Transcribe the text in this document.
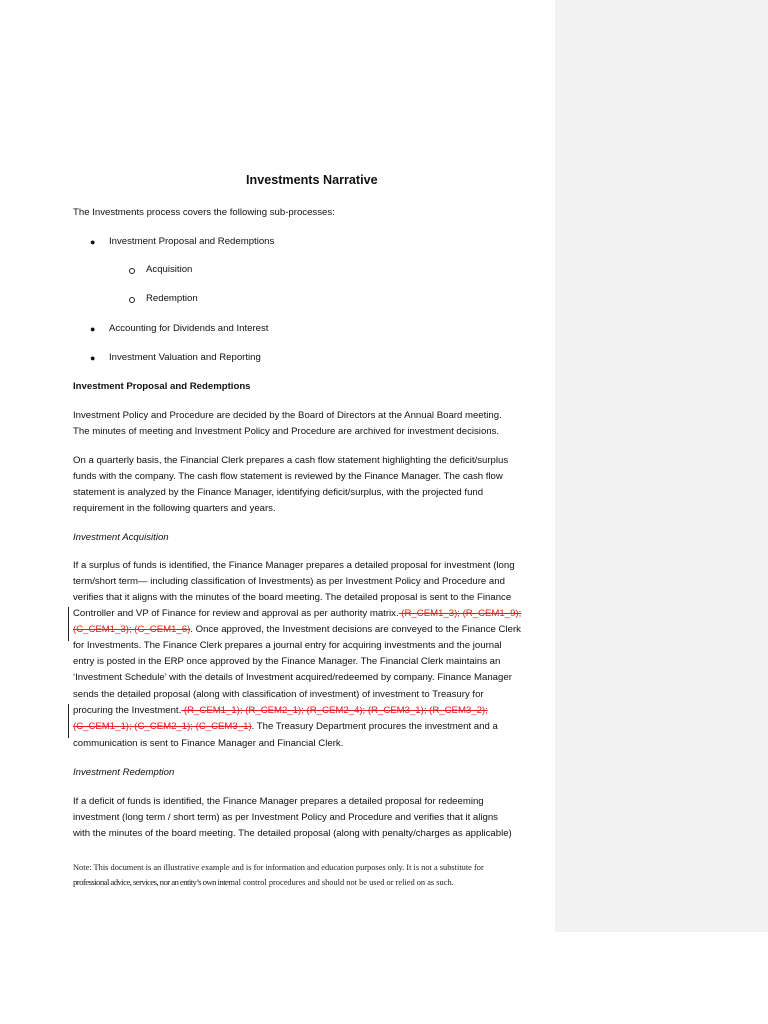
Investments Narrative
The Investments process covers the following sub-processes:
● Investment Proposal and Redemptions
Acquisition
Redemption
● Accounting for Dividends and Interest
● Investment Valuation and Reporting
Investment Proposal and Redemptions
Investment Policy and Procedure are decided by the Board of Directors at the Annual Board meeting.
The minutes of meeting and Investment Policy and Procedure are archived for investment decisions.
On a quarterly basis, the Financial Clerk prepares a cash flow statement highlighting the deficit/surplus
funds with the company. The cash flow statement is reviewed by the Finance Manager. The cash flow
statement is analyzed by the Finance Manager, identifying deficit/surplus, with the projected fund
requirement in the following quarters and years.
Investment Acquisition
If a surplus of funds is identified, the Finance Manager prepares a detailed proposal for investment (long
term/short term— including classification of Investments) as per Investment Policy and Procedure and
verifies that it aligns with the minutes of the board meeting. The detailed proposal is sent to the Finance
Controller and VP of Finance for review and approval as per authority matrix. (R_CEM1_3); (R_CEM1_9);
(C_CEM1_3); (C_CEM1_6). Once approved, the Investment decisions are conveyed to the Finance Clerk
for Investments. The Finance Clerk prepares a journal entry for acquiring investments and the journal
entry is posted in the ERP once approved by the Finance Manager. The Financial Clerk maintains an
‘Investment Schedule’ with the details of Investment acquired/redeemed by company. Finance Manager
sends the detailed proposal (along with classification of investment) of investment to Treasury for
procuring the Investment. (R_CEM1_1); (R_CEM2_1); (R_CEM2_4); (R_CEM3_1); (R_CEM3_2);
(C_CEM1_1); (C_CEM2_1); (C_CEM3_1). The Treasury Department procures the investment and a
communication is sent to Finance Manager and Financial Clerk.
Investment Redemption
If a deficit of funds is identified, the Finance Manager prepares a detailed proposal for redeeming
investment (long term / short term) as per Investment Policy and Procedure and verifies that it aligns
with the minutes of the board meeting. The detailed proposal (along with penalty/charges as applicable)
Note: This document is an illustrative example and is for information and education purposes only. It is not a substitute for
professional advice, services, nor an entity’s own internal control procedures and should not be used or relied on as such.
